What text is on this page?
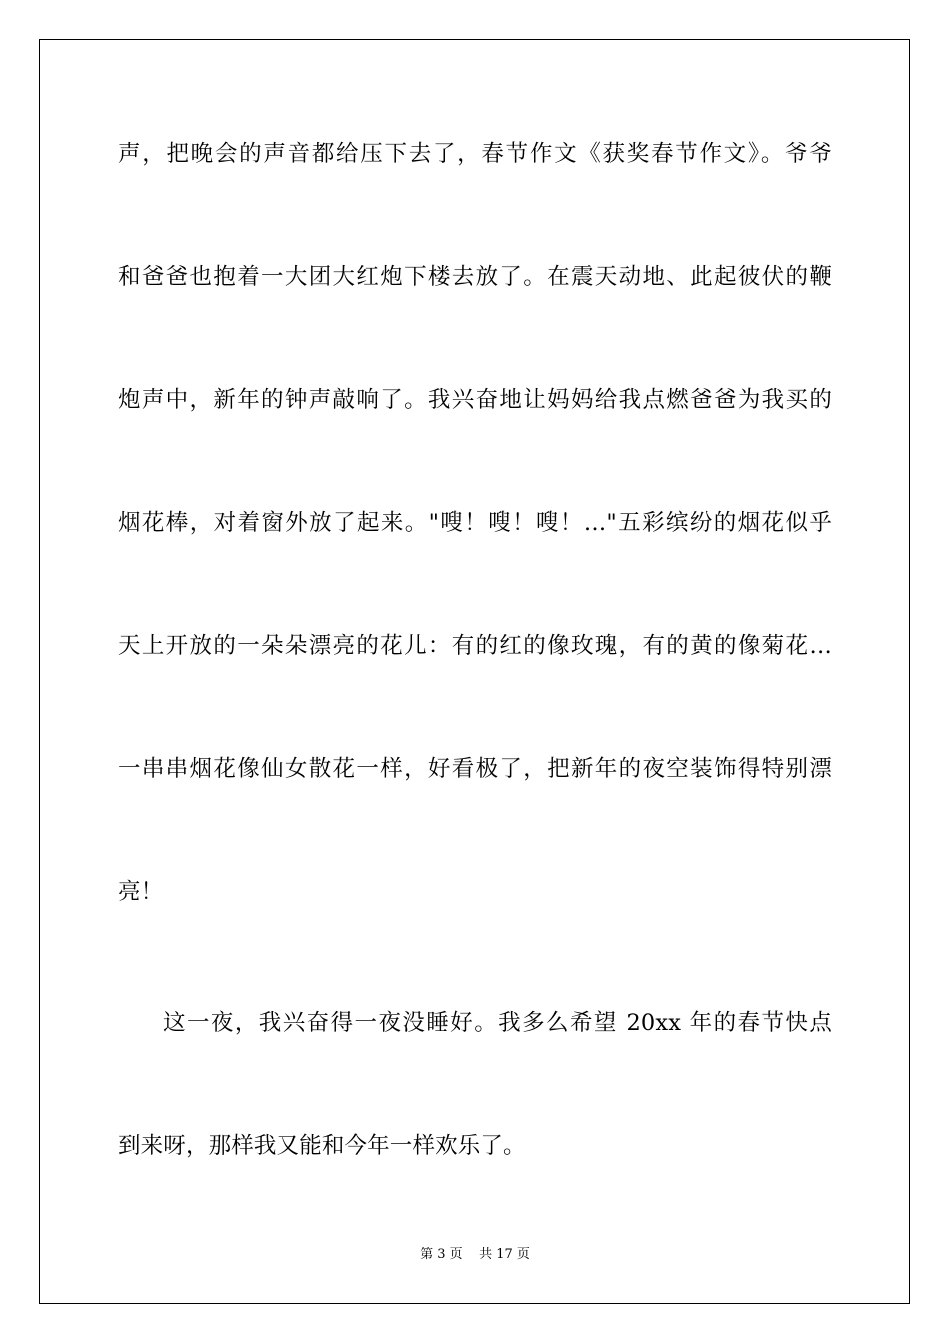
声，把晚会的声音都给压下去了，春节作文《获奖春节作文》。爷爷
和爸爸也抱着一大团大红炮下楼去放了。在震天动地、此起彼伏的鞭
炮声中，新年的钟声敲响了。我兴奋地让妈妈给我点燃爸爸为我买的
烟花棒，对着窗外放了起来。"嗖！嗖！嗖！…"五彩缤纷的烟花似乎
天上开放的一朵朵漂亮的花儿：有的红的像玫瑰，有的黄的像菊花…
一串串烟花像仙女散花一样，好看极了，把新年的夜空装饰得特别漂
亮！
这一夜，我兴奋得一夜没睡好。我多么希望 20xx 年的春节快点
到来呀，那样我又能和今年一样欢乐了。
第 3 页    共 17 页
